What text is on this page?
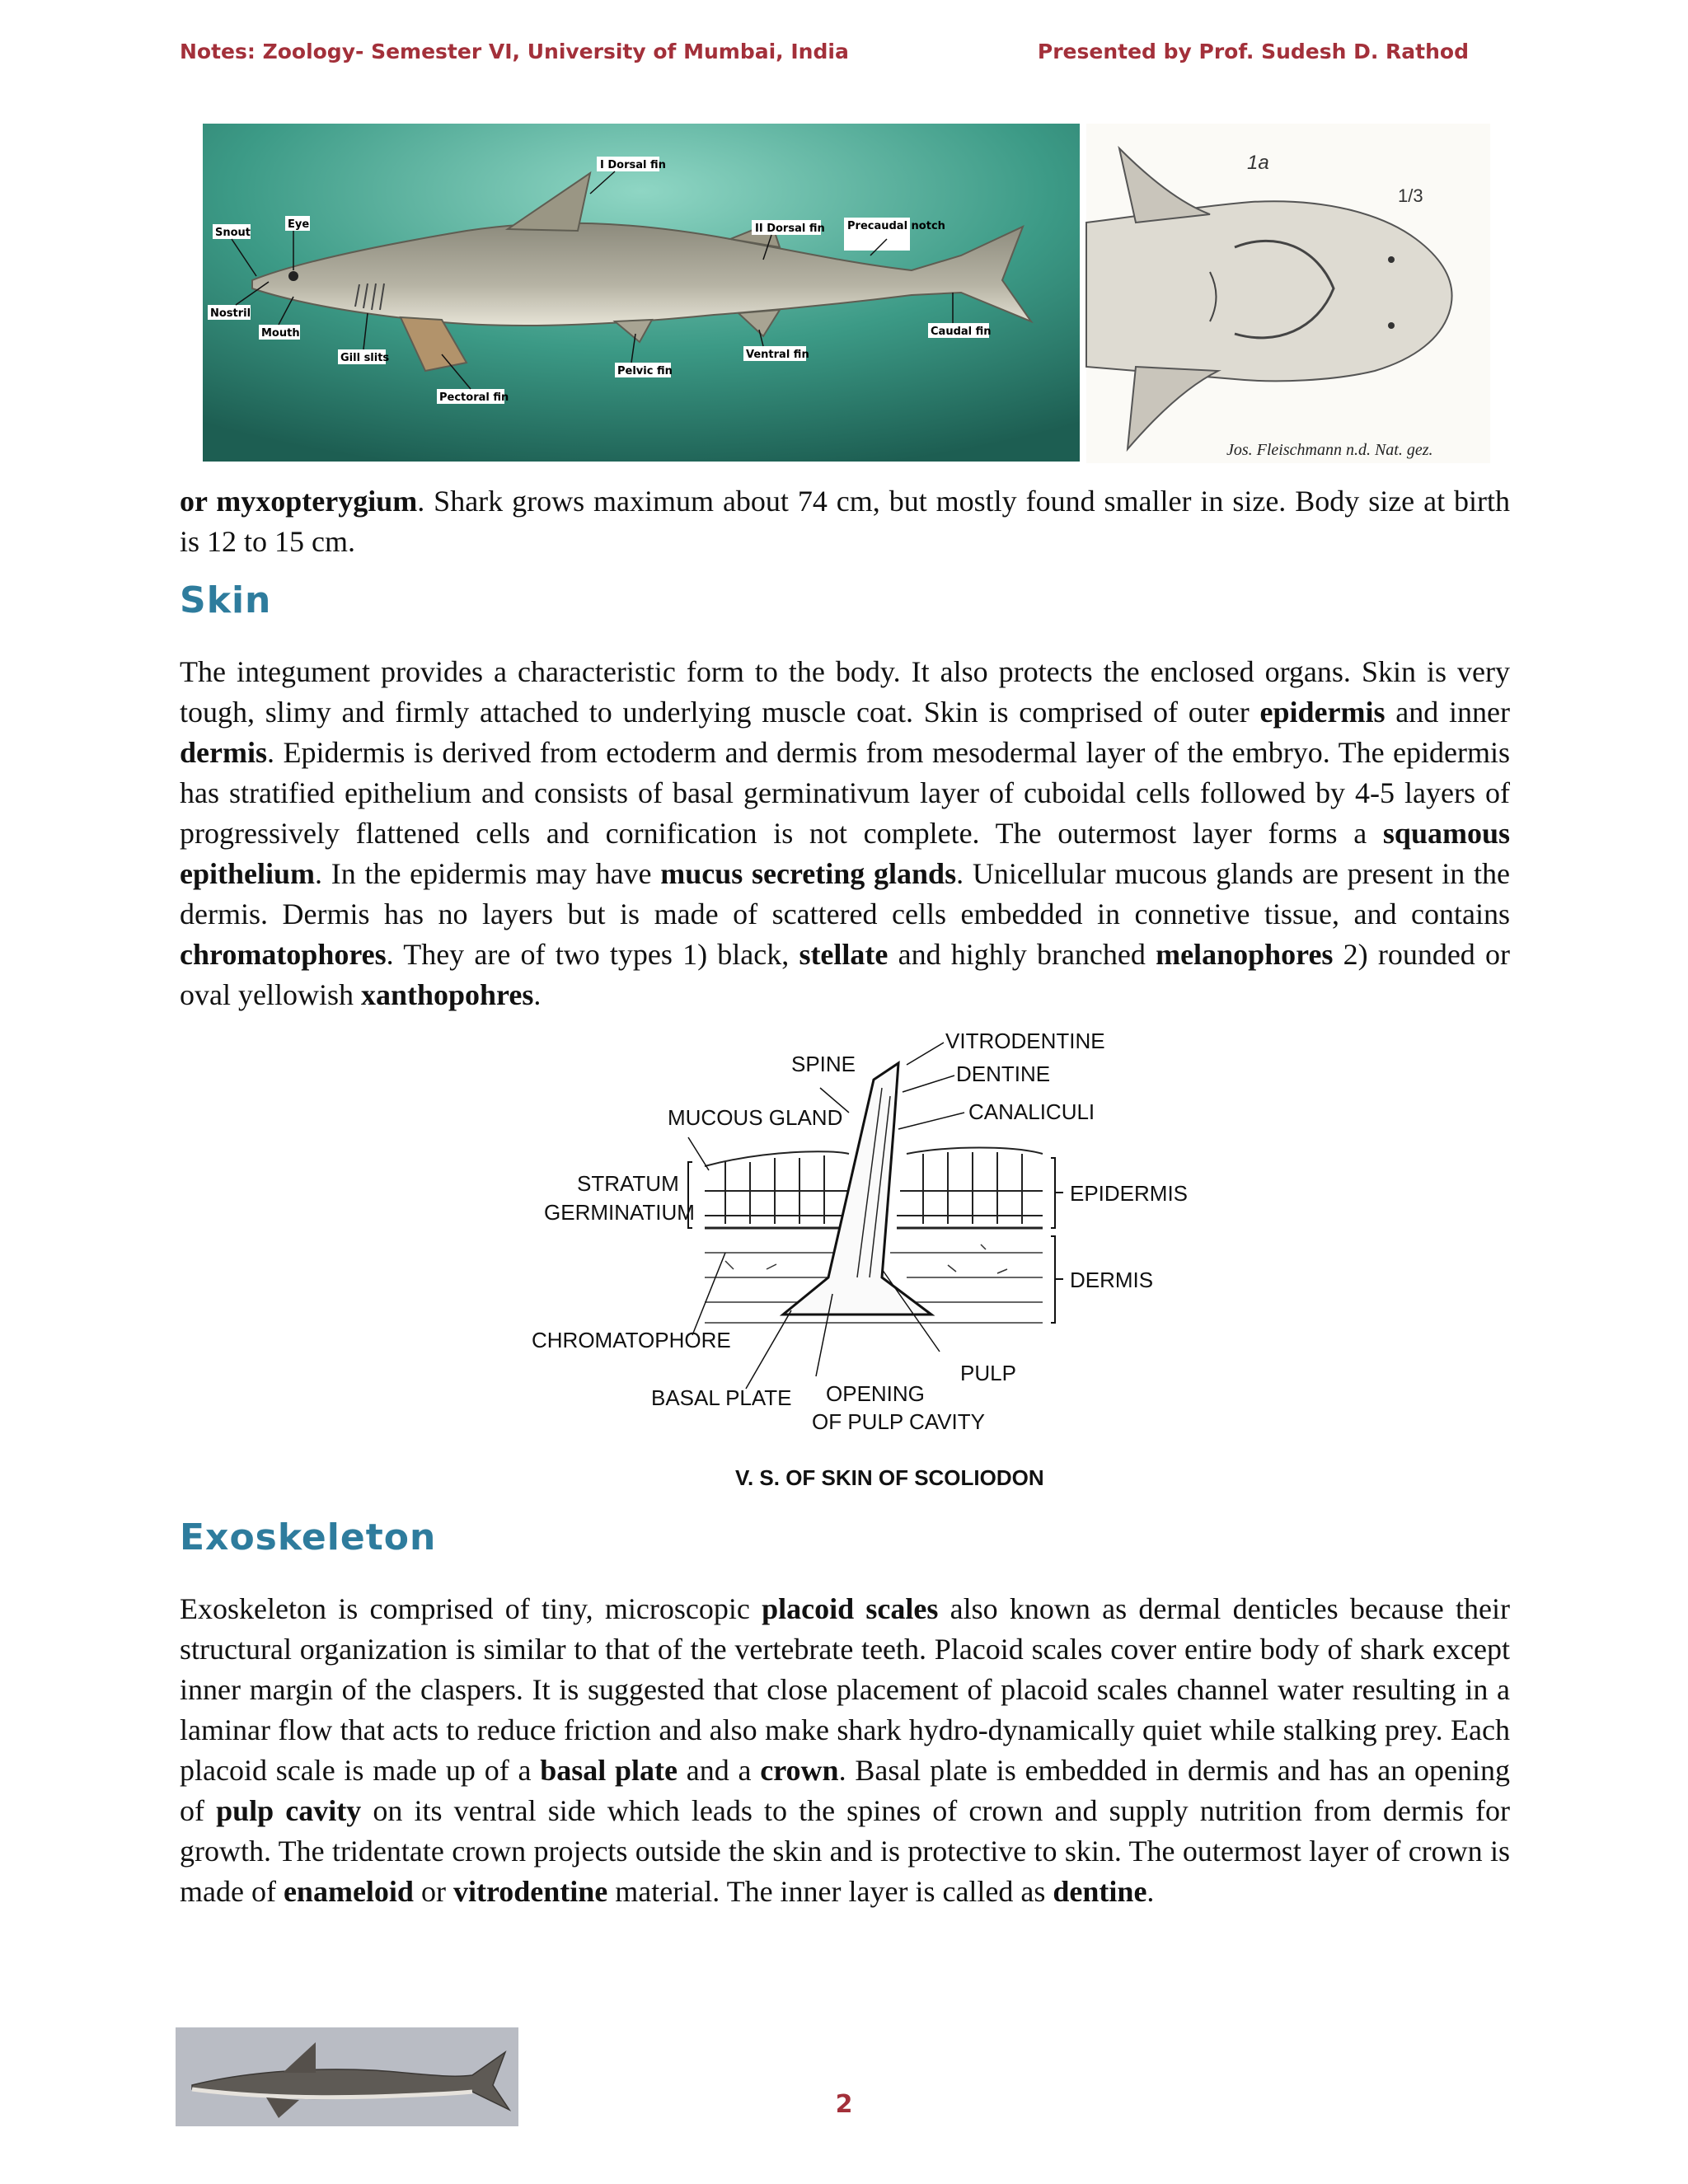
Notes: Zoology- Semester VI, University of Mumbai, India	Presented by Prof. Sudesh D. Rathod
I Dorsal fin
Snout
Eye	II Dorsal fin Precaudal notch
Nostril
Mouth
Gill slits
Pectoral fin
Pelvic fin
Ventral fin
Caudal fin
1a
1/3
Jos. Fleischmann n.d. Nat. gez.

or myxopterygium. Shark grows maximum about 74 cm, but mostly found smaller in size. Body size at birth is 12 to 15 cm.

Skin

The integument provides a characteristic form to the body. It also protects the enclosed organs. Skin is very tough, slimy and firmly attached to underlying muscle coat. Skin is comprised of outer epidermis and inner dermis. Epidermis is derived from ectoderm and dermis from mesodermal layer of the embryo. The epidermis has stratified epithelium and consists of basal germinativum layer of cuboidal cells followed by 4-5 layers of progressively flattened cells and cornification is not complete. The outermost layer forms a squamous epithelium. In the epidermis may have mucus secreting glands. Unicellular mucous glands are present in the dermis. Dermis has no layers but is made of scattered cells embedded in connetive tissue, and contains chromatophores. They are of two types 1) black, stellate and highly branched melanophores 2) rounded or oval yellowish xanthopohres.

SPINE
VITRODENTINE
DENTINE
MUCOUS GLAND	CANALICULI
STRATUM
GERMINATIUM
EPIDERMIS
DERMIS
CHROMATOPHORE
BASAL PLATE OPENING
OF PULP CAVITY
PULP
V. S. OF SKIN OF SCOLIODON
Exoskeleton

Exoskeleton is comprised of tiny, microscopic placoid scales also known as dermal denticles because their structural organization is similar to that of the vertebrate teeth. Placoid scales cover entire body of shark except inner margin of the claspers. It is suggested that close placement of placoid scales channel water resulting in a laminar flow that acts to reduce friction and also make shark hydro-dynamically quiet while stalking prey. Each placoid scale is made up of a basal plate and a crown. Basal plate is embedded in dermis and has an opening of pulp cavity on its ventral side which leads to the spines of crown and supply nutrition from dermis for growth. The tridentate crown projects outside the skin and is protective to skin. The outermost layer of crown is made of enameloid or vitrodentine material. The inner layer is called as dentine.

2
